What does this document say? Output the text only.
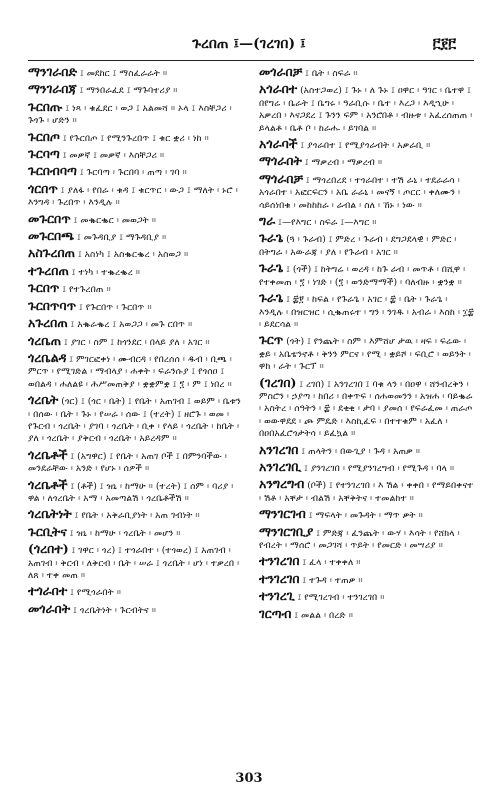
ጉረበጠ ፤—(ገረገበ) ፤	፫፻፫

ማንገራበድ ፤ መደከር ፤ ማስፈራራት ።

ማንገራበጃ ፤ ማንበራፈደ ፤ ማጉባተሪያ ።

ጉርበጡ ፤ ነጻ ፡ ቁፈደር ፡ ወጋ ፤ አልመሻ ። ኦላ ፤ እስቸጋሪ ፡ ጉጎጉ ፡ ሆድን ።

ጉርበጦ ፤ የጉርበጦ ፤ የሚንጉረበጥ ፤ ቁር ቋሪ ፡ ነከ ።

ጉርባጣ ፤ መቃኛ ፤ መቃኛ ፡ እስቸጋሪ ።

ጉርበብባጣ ፤ ጉርባጣ ፡ ጉርበባ ፡ ጠጣ ፡ ገባ ።

ጎርበጥ ፤ ያለፋ ፡ የበራ ፡ ቁዳ ፤ ቁርጥር ፡ ውጋ ፤ ማለት ፡ ኑሮ ፡ እንግዳ ፡ ጉረበጥ ፡ እንዲሉ ።

መጉርበጥ ፤ መቈርቈር ፡ መወጋት ።

መጉርበጫ ፤ መጉዳቢያ ፤ ማጉዳቢያ ።

አስጉረበጠ ፤ አስነካ ፤ አስቈርቈረ ፡ አስወጋ ።

ተጉረበጠ ፤ ተነካ ፡ ተቈረቈረ ።

ጉርበጥ ፤ የተጉረበጠ ።

ጉርበጥባጥ ፤ የጉርበጥ ፡ ጉርበጥ ።

አጉረበጠ ፤ አቈራቈረ ፤ አወጋጋ ፡ መጉ ርበጥ ።

ጎረቤጠ ፤ ያገር ፡ ስም ፤ ከጎንደር ፡ በላይ ያለ ፡ አገር ።

ጎረቤልዳ ፤ ምገርፎቀነ ፡ ሙብርዳ ፡ የበረሰሰ ፡ ዱብ ፡ ቢጫ ፡ ምርጥ ፡ የሚገድል ፡ ማብላያ ፡ ሐቀት ፡ ፍራንሱያ ፤ የጎሰዐ ፤ ወበልዳ ፡ ሐለልዩ ፡ ሕሥመጠቅያ ፡ ቋቋምቋ ፤ ፺ ፡ ም ፤ ነበረ ።

ጎረቤት (ጎር) ፤ (ጎር ፡ ቤት) ፤ የቤት ፡ አጠገብ ፤ ወይም ፡ ቤቱን ፡ በሰው ፡ ቤት ፡ ጉኑ ፡ የሠራ ፡ ሰው ፤ (ተረት) ፤ ዘሮጉ ፡ ወመ ፡ የጉርብ ፡ ጎረቤት ፡ ያገባ ፡ ጎረቤት ፡ ቢቀ ፡ የላይ ፡ ጎረቤት ፡ ከቤት ፡ ያለ ፡ ጎረቤት ፡ ያቅርብ ፡ ጎረቤት ፡ አይረዳም ።

ጎረቤቶች ፤ (አግዋር) ፤ የቤት ፡ አጠገ ቦች ፤ በምንባችው ፡ መንደራቸው ፡ አንድ ፡ የሆኑ ፡ ሰዎች ።

ጎረቤቶች ፤ (ቶች) ፤ ዝኒ ፡ ከማሁ ። (ተረት) ፤ ሰም ፡ ባሪያ ፡ ዋል ፡ ለጎረቤት ፡ አማ ፡ አመጣልሽ ፡ ጎረቤቶችሽ ።

ጎረቤትነት ፤ የቤት ፡ አቅራቢያነት ፡ አጠ ገብነት ።

ጉርቢትና ፤ ዝኒ ፡ ከማሁ ፡ ጎረቤት ፡ መሆን ።

(ጎረበተ) ፤ ገዋር ፡ ጎረ) ፤ ተጎራበተ ፡ (ተጎወረ) ፤ አጠገብ ፡ አጠገብ ፡ ቅርብ ፡ ለቅርብ ፡ ቤት ፡ ሠራ ፤ ጎረቤት ፡ ሆነ ፡ ተቃረበ ፡ ለጸ ፡ ተቀ መጠ ።

ተጎራበተ ፤ የሚጎራበት ።

መጎራበት ፤ ጎረቤትነት ፡ ጉርብትና ።

መጎራበቻ ፤ ቤት ፡ ስፍራ ።

አጎራበተ (አስተጋወረ) ፤ ጉኑ ፡ ለ ጉኑ ፤ ዐዋር ፡ ዓገር ፡ ቤተዋ ፤ በየግሬ ፡ ቤራት ፤ ቤግሩ ፡ ዓራቢሱ ፡ ቤተ ፡ እረጋ ፡ እዲኂሁ ፡ አቃረበ ፡ እናጋደረ ፤ ጉንን ፍም ፡ አንሮበቶ ፡ ብዙቱ ፡ አፈረሰጠጠ ፡ ይላልቶ ፡ ቤቶ ቦ ፡ ከራሑ ፡ ይገባል ።

አጎራባች ፤ ያጎራበተ ፤ የሚያጎራብት ፡ አቃራቢ ።

ማጎራበት ፤ ማቃረብ ፡ ማቃረብ ።

ማጎራበቻ ፤ ማጎረበረደ ፡ ተጎራበተ ፡ ተሽ ራኒ ፡ ተደራራሳ ፡ አጎራበተ ፡ አፎርፍርን ፡ አቤ ራራኒ ፡ መናኝ ፡ ጦርር ፡ ቀለሙን ፡ ሳይሰነበቁ ፡ መከከከራ ፡ ራብል ፡ ስለ ፡ ኸኑ ፡ ነው ።

ግራ ፤—የእግር ፡ ስፍራ ፤—እግር ።

ጉራጌ (ጓ ፡ ጉራብ) ፤ ምድረ ፡ ጉራብ ፡ ደግጋደላዊ ፡ ምድር ፡ በትግራ ፡ አውራጃ ፡ ያለ ፡ የጉራብ ፡ አገር ።

ጉራጌ ፤ (ጎች) ፤ ከትግሬ ፡ ወረዳ ፡ ከጉ ራብ ፡ መጥቶ ፡ በሺዋ ፡ የተቀመጠ ፡ ፺ ፡ ነገድ ፡ (፺ ፡ ወንድማማች) ፡ ባለብዙ ፡ ቋንቋ ።

ጉራጌ ፤ ፰፻ ፡ ከፍል ፡ የጉራጌ ፡ አገር ፡ ፰ ፡ ቤት ፡ ጉራጌ ፡ እንዲሉ ፡ በዝርዝር ፡ ሲቈጠሩተ ፡ ግን ፡ ንገዱ ፡ አብራ ፡ እስከ ፡ ፲፰ ፡ ይደርሳል ።

ጉርጥ (ጎት) ፤ የንጨት ፡ ስም ፡ እምሸሆ ታዉ ፡ ዛፍ ፡ ፍሬው ፡ ቋይ ፡ አቤቴንኖቶ ፡ ቅንን ምርና ፡ የሚ ፡ ቋይሾ ፡ ፍቢሮ ፡ ወይንት ፡ ዋከ ፡ ራት ፡ ጉርፕ ።

(ገረገበ) ፤ ረገበ) ፤ አንገረገበ ፤ ባቁ ላን ፡ በዐዋ ፡ ሸንብረቅን ፡ ምስሮን ፡ ኃያጣ ፡ ከበሪ ፡ በቀጥፍ ፡ ሰሐወመንን ፡ አዝሐ ፡ ባይቈራ ፡ አስትረ ፡ ሰዓትን ፡ ፰ ፡ ደቂቂ ፡ ታባ ፡ ያመሰ ፡ የፍራፈመ ፡ ጠራጦ ፡ ወውዋደደ ፡ ጮ ምዴድ ፡ እስኪፈፍ ፡ በተተቁም ፡ አፈለ ፡ በዐበአፈሮጎታትሳ ፡ ይፈኳል ።

አንገረገበ ፤ ጠላትን ፡ በውጊያ ፡ ጉዳ ፡ አጠቃ ።

አንገረገቢ ፤ ያንገረገበ ፡ የሚያንገረግብ ፡ የሚጉዳ ፡ ባላ ።

አንግረግብ (ቦች) ፤ የተንገረገበ ፡ እ ሽል ፡ ቀቀበ ፡ የማይበቀናተ ፡ ሽቶ ፡ አቐታ ፡ ብልሽ ፡ አቐቅትና ፡ ተመልከተ ።

ማንገርገብ ፤ ማፍላት ፡ መጉዳት ፡ ማጥ ቃት ።

ማንገርገቢያ ፤ ምድጃ ፡ ፈንጨት ፡ ውሃ ፡ እሳት ፡ የሸክላ ፡ የብረት ፡ ማሰሮ ፡ መጋገሻ ፡ ጥይት ፡ የመርድ ፡ መሣሪያ ።

ተንገረገበ ፤ ፈላ ፡ ተቀቀለ ።

ተንገረገበ ፤ ተጉዳ ፡ ተጠቃ ።

ተንገረጊ ፤ የሚገረገብ ፡ ተንገረገበ ።

ገርጣብ ፤ መልል ፡ በረድ ።

303
